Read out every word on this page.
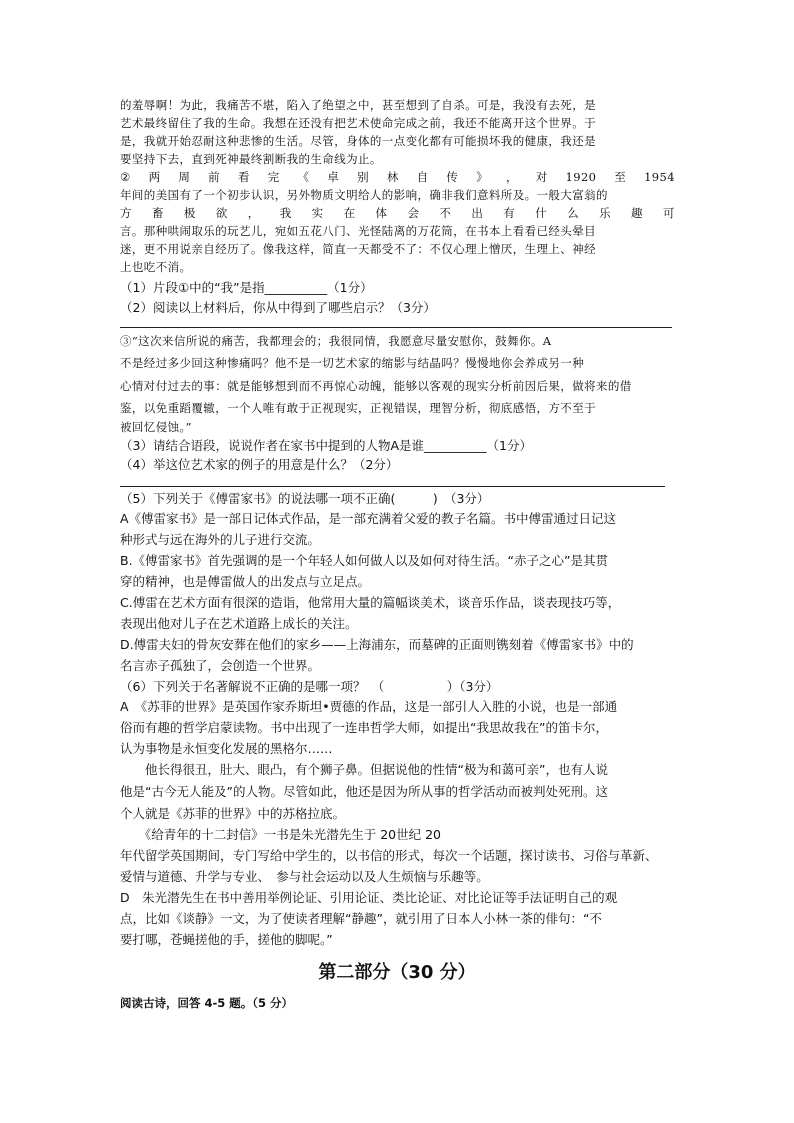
的羞辱啊！为此，我痛苦不堪，陷入了绝望之中，甚至想到了自杀。可是，我没有去死，是
艺术最终留住了我的生命。我想在还没有把艺术使命完成之前，我还不能离开这个世界。于
是，我就开始忍耐这种悲惨的生活。尽管，身体的一点变化都有可能损坏我的健康，我还是
要坚持下去，直到死神最终割断我的生命线为止。
② 两 周 前 看 完 《 卓 别 林 自 传 》 ， 对 1920 至 1954
年间的美国有了一个初步认识，另外物质文明给人的影响，确非我们意料所及。一般大富翁的
方 畜 极 欲 ， 我 实 在 体 会 不 出 有 什 么 乐 趣 可
言。那种哄闹取乐的玩艺儿，宛如五花八门、光怪陆离的万花筒，在书本上看看已经头晕目
迷，更不用说亲自经历了。像我这样，简直一天都受不了：不仅心理上憎厌，生理上、神经
上也吃不消。
（1）片段①中的“我”是指__________（1分）
（2）阅读以上材料后，你从中得到了哪些启示？（3分）
③“这次来信所说的痛苦，我都理会的；我很同情，我愿意尽量安慰你，鼓舞你。A
不是经过多少回这种惨痛吗？他不是一切艺术家的缩影与结晶吗？慢慢地你会养成另一种
心情对付过去的事：就是能够想到而不再惊心动魄，能够以客观的现实分析前因后果，做将来的借
鉴，以免重蹈覆辙，一个人唯有敢于正视现实，正视错误，理智分析，彻底感悟，方不至于
被回忆侵蚀。”
（3）请结合语段，说说作者在家书中提到的人物A是谁__________（1分）
（4）举这位艺术家的例子的用意是什么？（2分）
（5）下列关于《傅雷家书》的说法哪一项不正确(　　　)　（3分）
A《傅雷家书》是一部日记体式作品，是一部充满着父爱的教子名篇。书中傅雷通过日记这
种形式与远在海外的儿子进行交流。
B.《傅雷家书》首先强调的是一个年轻人如何做人以及如何对待生活。“赤子之心”是其贯
穿的精神，也是傅雷做人的出发点与立足点。
C.傅雷在艺术方面有很深的造诣，他常用大量的篇幅谈美术，谈音乐作品，谈表现技巧等，
表现出他对儿子在艺术道路上成长的关注。
D.傅雷夫妇的骨灰安葬在他们的家乡——上海浦东，而墓碑的正面则镌刻着《傅雷家书》中的
名言赤子孤独了，会创造一个世界。
（6）下列关于名著解说不正确的是哪一项？　（　　　　　）（3分）
A　《苏菲的世界》是英国作家乔斯坦•贾德的作品，这是一部引人入胜的小说，也是一部通
俗而有趣的哲学启蒙读物。书中出现了一连串哲学大师，如提出“我思故我在”的笛卡尔，
认为事物是永恒变化发展的黑格尔……
　　他长得很丑，肚大、眼凸，有个狮子鼻。但据说他的性情“极为和蔼可亲”，也有人说
他是“古今无人能及”的人物。尽管如此，他还是因为所从事的哲学活动而被判处死刑。这
个人就是《苏菲的世界》中的苏格拉底。
　　《给青年的十二封信》一书是朱光潜先生于 20世纪 20
年代留学英国期间，专门写给中学生的，以书信的形式，每次一个话题，探讨读书、习俗与革新、
爱情与道德、升学与专业、　参与社会运动以及人生烦恼与乐趣等。
D　朱光潜先生在书中善用举例论证、引用论证、类比论证、对比论证等手法证明自己的观
点，比如《谈静》一文，为了使读者理解“静趣”，就引用了日本人小林一茶的俳句：“不
要打哪，苍蝇搓他的手，搓他的脚呢。”
第二部分（30 分）
阅读古诗，回答 4-5 题。（5 分）
